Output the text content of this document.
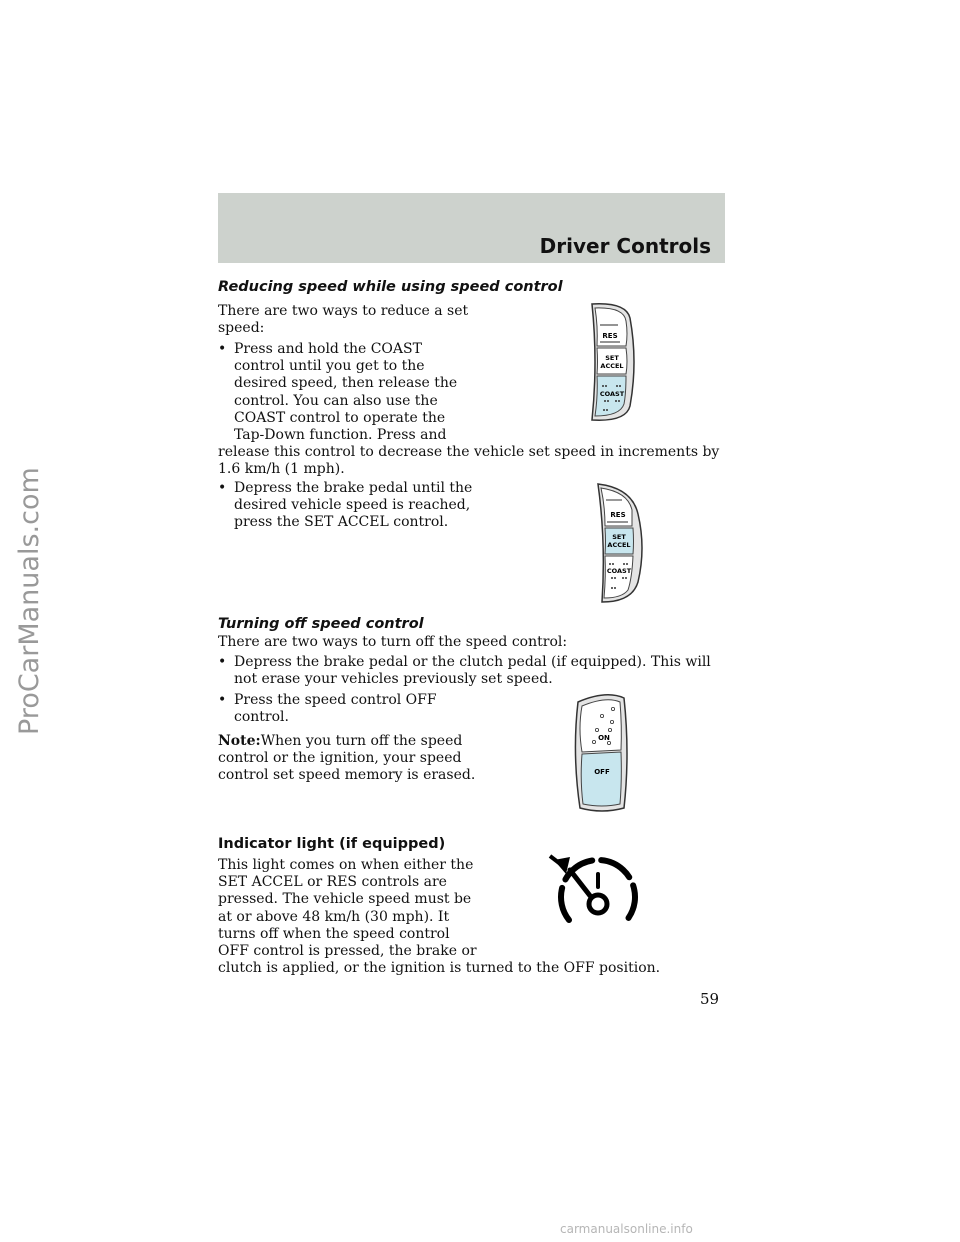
Driver Controls
ProCarManuals.com
Reducing speed while using speed control
There are two ways to reduce a set
speed:
• Press and hold the COAST
control until you get to the
desired speed, then release the
control. You can also use the
COAST control to operate the
Tap-Down function. Press and
release this control to decrease the vehicle set speed in increments by
1.6 km/h (1 mph).
• Depress the brake pedal until the
desired vehicle speed is reached,
press the SET ACCEL control.
RES
SET
ACCEL
COAST
RES
SET
ACCEL
COAST
Turning off speed control
There are two ways to turn off the speed control:
• Depress the brake pedal or the clutch pedal (if equipped). This will
not erase your vehicles previously set speed.
• Press the speed control OFF
control.
Note:When you turn off the speed
control or the ignition, your speed
control set speed memory is erased.
ON
OFF
Indicator light (if equipped)
This light comes on when either the
SET ACCEL or RES controls are
pressed. The vehicle speed must be
at or above 48 km/h (30 mph). It
turns off when the speed control
OFF control is pressed, the brake or
clutch is applied, or the ignition is turned to the OFF position.
59
carmanualsonline.info
